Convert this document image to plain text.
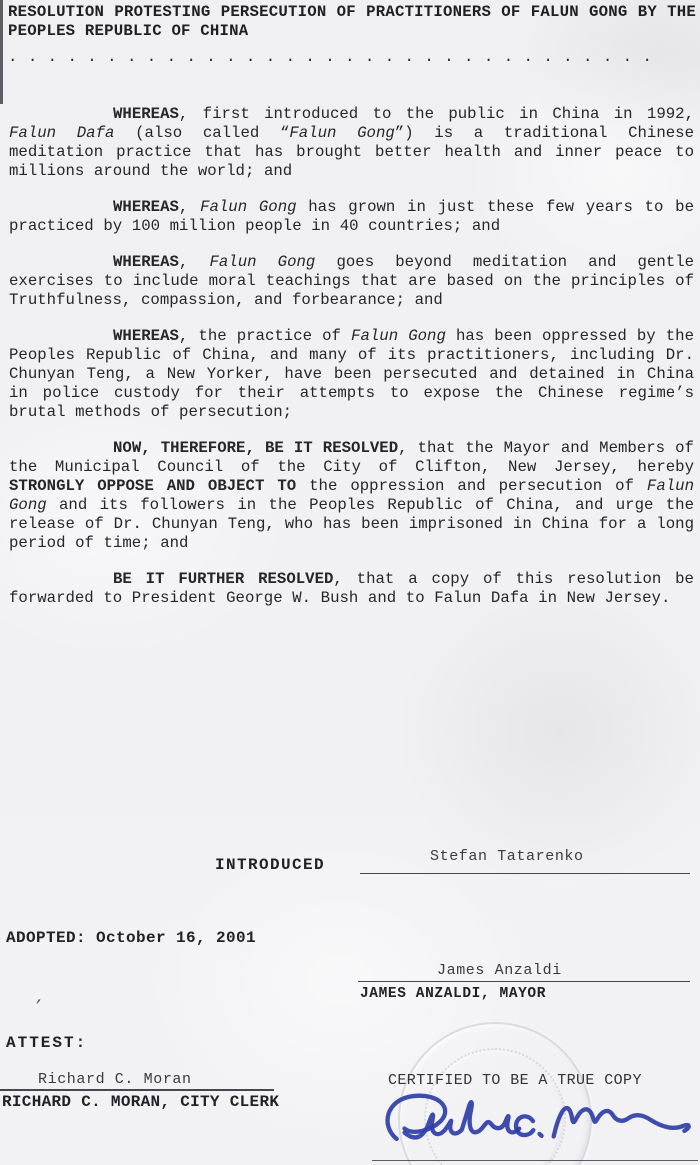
RESOLUTION PROTESTING PERSECUTION OF PRACTITIONERS OF FALUN GONG BY THE
PEOPLES REPUBLIC OF CHINA
. . . . . . . . . . . . . . . . . . . . . . . . . . . . . . . . .

WHEREAS, first introduced to the public in China in 1992, Falun Dafa (also called “Falun Gong”) is a traditional Chinese meditation practice that has brought better health and inner peace to millions around the world; and

WHEREAS, Falun Gong has grown in just these few years to be practiced by 100 million people in 40 countries; and

WHEREAS, Falun Gong goes beyond meditation and gentle exercises to include moral teachings that are based on the principles of Truthfulness, compassion, and forbearance; and

WHEREAS, the practice of Falun Gong has been oppressed by the Peoples Republic of China, and many of its practitioners, including Dr. Chunyan Teng, a New Yorker, have been persecuted and detained in China in police custody for their attempts to expose the Chinese regime’s brutal methods of persecution;

NOW, THEREFORE, BE IT RESOLVED, that the Mayor and Members of the Municipal Council of the City of Clifton, New Jersey, hereby STRONGLY OPPOSE AND OBJECT TO the oppression and persecution of Falun Gong and its followers in the Peoples Republic of China, and urge the release of Dr. Chunyan Teng, who has been imprisoned in China for a long period of time; and

BE IT FURTHER RESOLVED, that a copy of this resolution be forwarded to President George W. Bush and to Falun Dafa in New Jersey.

INTRODUCED	Stefan Tatarenko
ADOPTED: October 16, 2001
James Anzaldi
JAMES ANZALDI, MAYOR
’
ATTEST:
Richard C. Moran
RICHARD C. MORAN, CITY CLERK
CERTIFIED TO BE A TRUE COPY
